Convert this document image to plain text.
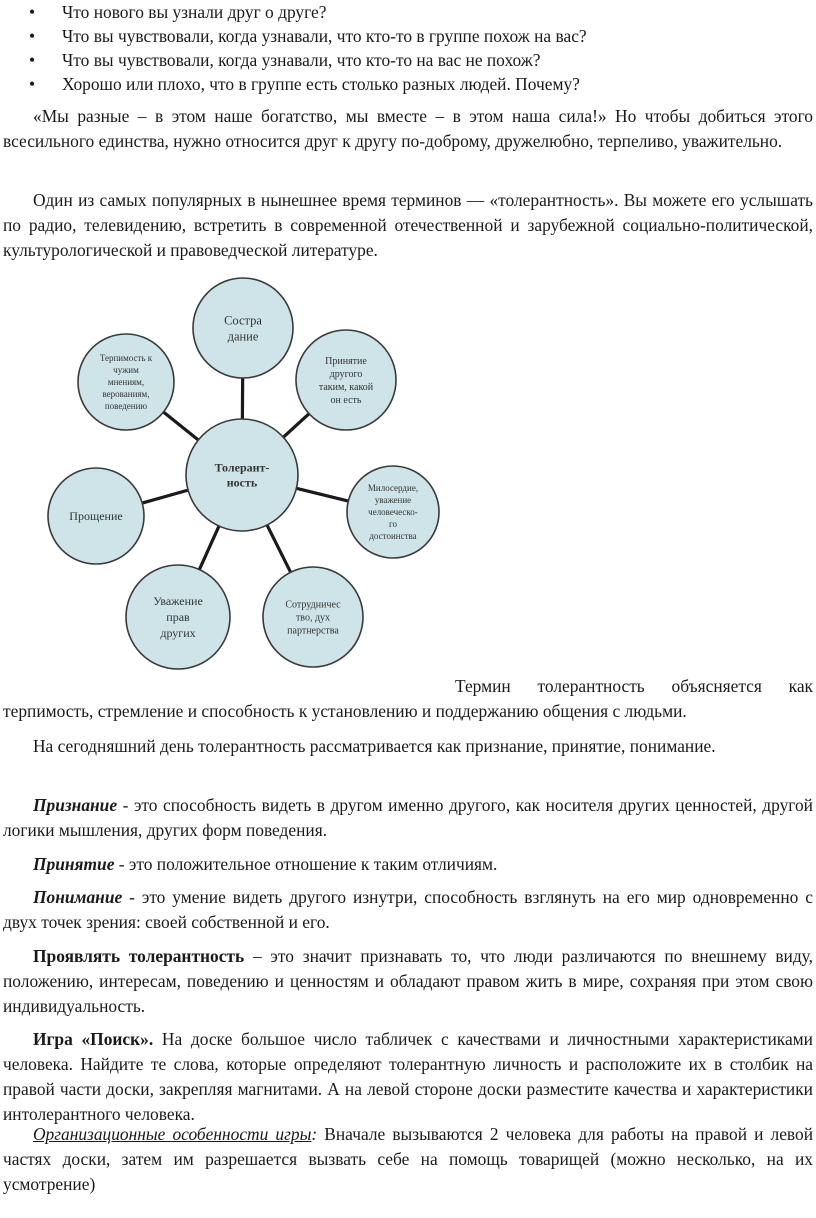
• Что нового вы узнали друг о друге?
• Что вы чувствовали, когда узнавали, что кто-то в группе похож на вас?
• Что вы чувствовали, когда узнавали, что кто-то на вас не похож?
• Хорошо или плохо, что в группе есть столько разных людей. Почему?

«Мы разные – в этом наше богатство, мы вместе – в этом наша сила!» Но чтобы добиться этого всесильного единства, нужно относится друг к другу по-доброму, дружелюбно, терпеливо, уважительно.

Один из самых популярных в нынешнее время терминов — «толерантность». Вы можете его услышать по радио, телевидению, встретить в современной отечественной и зарубежной социально-политической, культурологической и правоведческой литературе.

Состра дание
Принятие другого таким, какой он есть
Милосердие, уважение человеческо-го достоинства
Сотрудничес тво, дух партнерства
Уважение прав других
Прощение
Терпимость к чужим мнениям, верованиям, поведению
Толерант-ность

Термин толерантность объясняется как

терпимость, стремление и способность к установлению и поддержанию общения с людьми.

На сегодняшний день толерантность рассматривается как признание, принятие, понимание.

Признание - это способность видеть в другом именно другого, как носителя других ценностей, другой логики мышления, других форм поведения.

Принятие - это положительное отношение к таким отличиям.

Понимание - это умение видеть другого изнутри, способность взглянуть на его мир одновременно с двух точек зрения: своей собственной и его.

Проявлять толерантность – это значит признавать то, что люди различаются по внешнему виду, положению, интересам, поведению и ценностям и обладают правом жить в мире, сохраняя при этом свою индивидуальность.

Игра «Поиск». На доске большое число табличек с качествами и личностными характеристиками человека. Найдите те слова, которые определяют толерантную личность и расположите их в столбик на правой части доски, закрепляя магнитами. А на левой стороне доски разместите качества и характеристики интолерантного человека.

Организационные особенности игры: Вначале вызываются 2 человека для работы на правой и левой частях доски, затем им разрешается вызвать себе на помощь товарищей (можно несколько, на их усмотрение)
